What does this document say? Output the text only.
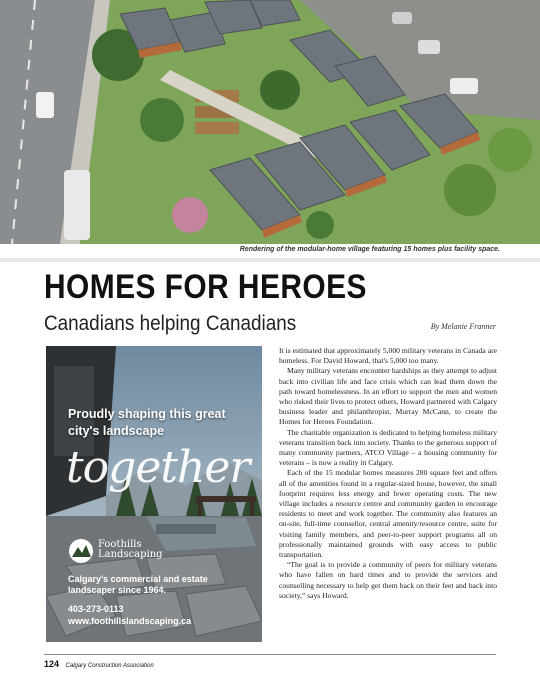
Rendering of the modular-home village featuring 15 homes plus facility space.
HOMES FOR HEROES
Canadians helping Canadians	By Melanie Franner
Proudly shaping this great city's landscape
together
Foothills
Landscaping
Calgary's commercial and estate landscaper since 1964.
403-273-0113
www.foothillslandscaping.ca

It is estimated that approximately 5,000 military veterans in Canada are homeless. For David Howard, that's 5,000 too many.

Many military veterans encounter hardships as they attempt to adjust back into civilian life and face crisis which can lead them down the path toward homelessness. In an effort to support the men and women who risked their lives to protect others, Howard partnered with Calgary business leader and philanthropist, Murray McCann, to create the Homes for Heroes Foundation.

The charitable organization is dedicated to helping homeless military veterans transition back into society. Thanks to the generous support of many community partners, ATCO Village – a housing community for veterans – is now a reality in Calgary.

Each of the 15 modular homes measures 280 square feet and offers all of the amenities found in a regular-sized house, however, the small footprint requires less energy and fewer operating costs. The new village includes a resource centre and community garden to encourage residents to meet and work together. The community also features an on-site, full-time counsellor, central amenity/resource centre, suite for visiting family members, and peer-to-peer support programs all on professionally maintained grounds with easy access to public transportation.

“The goal is to provide a community of peers for military veterans who have fallen on hard times and to provide the services and counselling necessary to help get them back on their feet and back into society,” says Howard.

124 Calgary Construction Association
